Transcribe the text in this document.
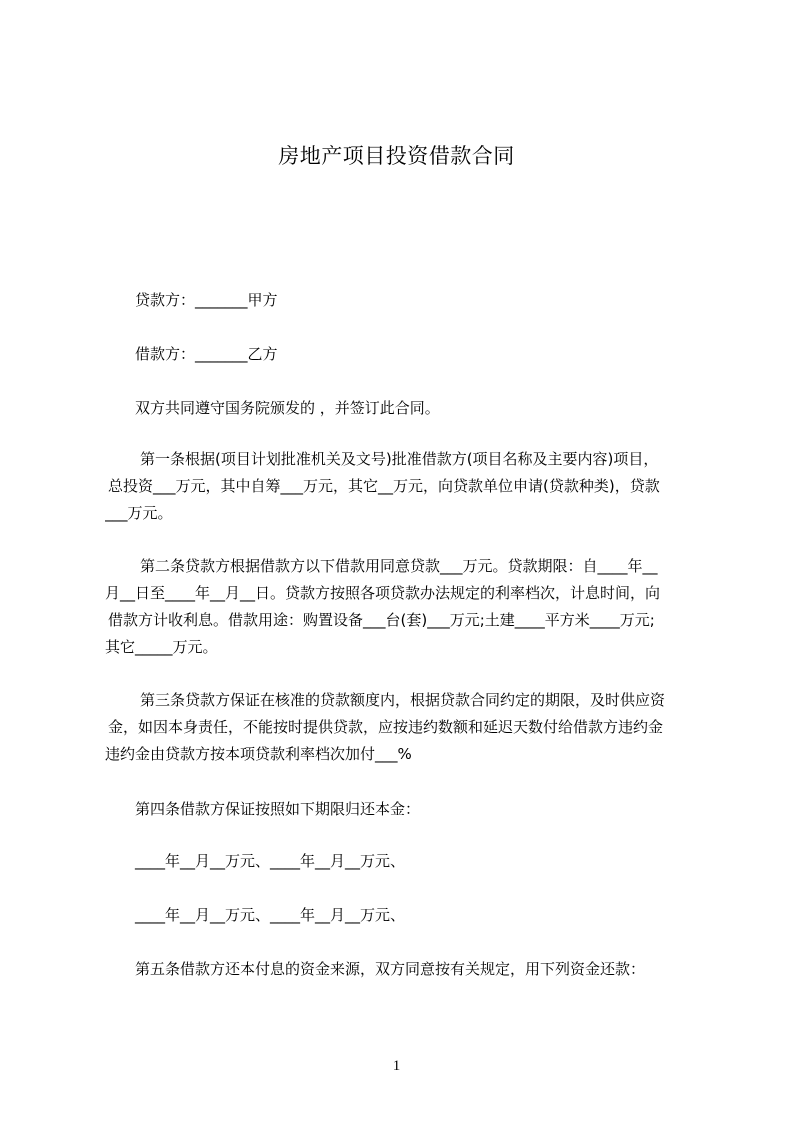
房地产项目投资借款合同
贷款方：_______甲方
借款方：_______乙方
双方共同遵守国务院颁发的 ，并签订此合同。

第一条根据(项目计划批准机关及文号)批准借款方(项目名称及主要内容)项目，

总投资___万元，其中自筹___万元，其它__万元，向贷款单位申请(贷款种类)，贷款

___万元。

第二条贷款方根据借款方以下借款用同意贷款___万元。贷款期限：自____年__

月__日至____年__月__日。贷款方按照各项贷款办法规定的利率档次，计息时间，向

借款方计收利息。借款用途：购置设备___台(套)___万元;土建____平方米____万元;

其它_____万元。

第三条贷款方保证在核准的贷款额度内，根据贷款合同约定的期限，及时供应资

金，如因本身责任，不能按时提供贷款，应按违约数额和延迟天数付给借款方违约金

违约金由贷款方按本项贷款利率档次加付___%

第四条借款方保证按照如下期限归还本金：
____年__月__万元、____年__月__万元、
____年__月__万元、____年__月__万元、
第五条借款方还本付息的资金来源，双方同意按有关规定，用下列资金还款：
1
